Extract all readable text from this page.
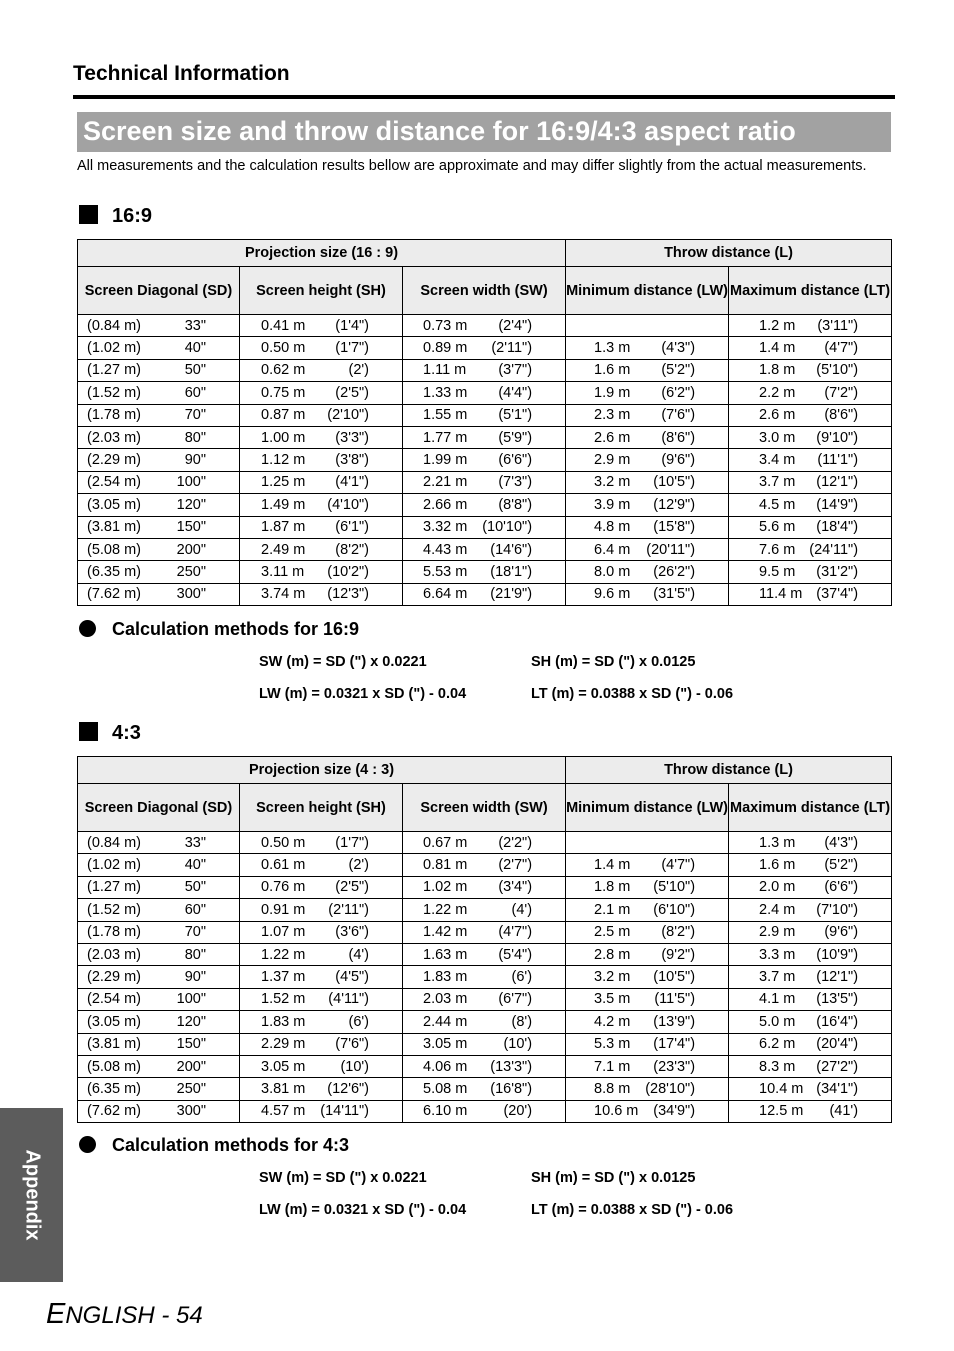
Technical Information
Screen size and throw distance for 16:9/4:3 aspect ratio
All measurements and the calculation results bellow are approximate and may differ slightly from the actual measurements.
16:9
Projection size (16 : 9)			Throw distance (L)	
Screen Diagonal (SD)	Screen height (SH)	Screen width (SW)	Minimum distance (LW)	Maximum distance (LT)

(0.84 m) 33"	0.41 m (1'4")	0.73 m (2'4")		1.2 m (3'11")

(1.02 m) 40"	0.50 m (1'7")	0.89 m (2'11")	1.3 m (4'3")	1.4 m (4'7")

(1.27 m) 50"	0.62 m (2')	1.11 m (3'7")	1.6 m (5'2")	1.8 m (5'10")

(1.52 m) 60"	0.75 m (2'5")	1.33 m (4'4")	1.9 m (6'2")	2.2 m (7'2")

(1.78 m) 70"	0.87 m (2'10")	1.55 m (5'1")	2.3 m (7'6")	2.6 m (8'6")

(2.03 m) 80"	1.00 m (3'3")	1.77 m (5'9")	2.6 m (8'6")	3.0 m (9'10")

(2.29 m) 90"	1.12 m (3'8")	1.99 m (6'6")	2.9 m (9'6")	3.4 m (11'1")

(2.54 m) 100"	1.25 m (4'1")	2.21 m (7'3")	3.2 m (10'5")	3.7 m (12'1")

(3.05 m) 120"	1.49 m (4'10")	2.66 m (8'8")	3.9 m (12'9")	4.5 m (14'9")

(3.81 m) 150"	1.87 m (6'1")	3.32 m (10'10")	4.8 m (15'8")	5.6 m (18'4")

(5.08 m) 200"	2.49 m (8'2")	4.43 m (14'6")	6.4 m (20'11")	7.6 m (24'11")

(6.35 m) 250"	3.11 m (10'2")	5.53 m (18'1")	8.0 m (26'2")	9.5 m (31'2")

(7.62 m) 300"	3.74 m (12'3")	6.64 m (21'9")	9.6 m (31'5")	11.4 m (37'4")
Calculation methods for 16:9
SW (m) = SD (") x 0.0221	SH (m) = SD (") x 0.0125
LW (m) = 0.0321 x SD (") - 0.04	LT (m) = 0.0388 x SD (") - 0.06
4:3
Projection size (4 : 3)			Throw distance (L)	
Screen Diagonal (SD)	Screen height (SH)	Screen width (SW)	Minimum distance (LW)	Maximum distance (LT)

(0.84 m) 33"	0.50 m (1'7")	0.67 m (2'2")		1.3 m (4'3")

(1.02 m) 40"	0.61 m (2')	0.81 m (2'7")	1.4 m (4'7")	1.6 m (5'2")

(1.27 m) 50"	0.76 m (2'5")	1.02 m (3'4")	1.8 m (5'10")	2.0 m (6'6")

(1.52 m) 60"	0.91 m (2'11")	1.22 m (4')	2.1 m (6'10")	2.4 m (7'10")

(1.78 m) 70"	1.07 m (3'6")	1.42 m (4'7")	2.5 m (8'2")	2.9 m (9'6")

(2.03 m) 80"	1.22 m (4')	1.63 m (5'4")	2.8 m (9'2")	3.3 m (10'9")

(2.29 m) 90"	1.37 m (4'5")	1.83 m (6')	3.2 m (10'5")	3.7 m (12'1")

(2.54 m) 100"	1.52 m (4'11")	2.03 m (6'7")	3.5 m (11'5")	4.1 m (13'5")

(3.05 m) 120"	1.83 m (6')	2.44 m (8')	4.2 m (13'9")	5.0 m (16'4")

(3.81 m) 150"	2.29 m (7'6")	3.05 m (10')	5.3 m (17'4")	6.2 m (20'4")

(5.08 m) 200"	3.05 m (10')	4.06 m (13'3")	7.1 m (23'3")	8.3 m (27'2")

(6.35 m) 250"	3.81 m (12'6")	5.08 m (16'8")	8.8 m (28'10")	10.4 m (34'1")

(7.62 m) 300"	4.57 m (14'11")	6.10 m (20')	10.6 m (34'9")	12.5 m (41')
Calculation methods for 4:3
SW (m) = SD (") x 0.0221	SH (m) = SD (") x 0.0125
LW (m) = 0.0321 x SD (") - 0.04	LT (m) = 0.0388 x SD (") - 0.06
Appendix
ENGLISH - 54
